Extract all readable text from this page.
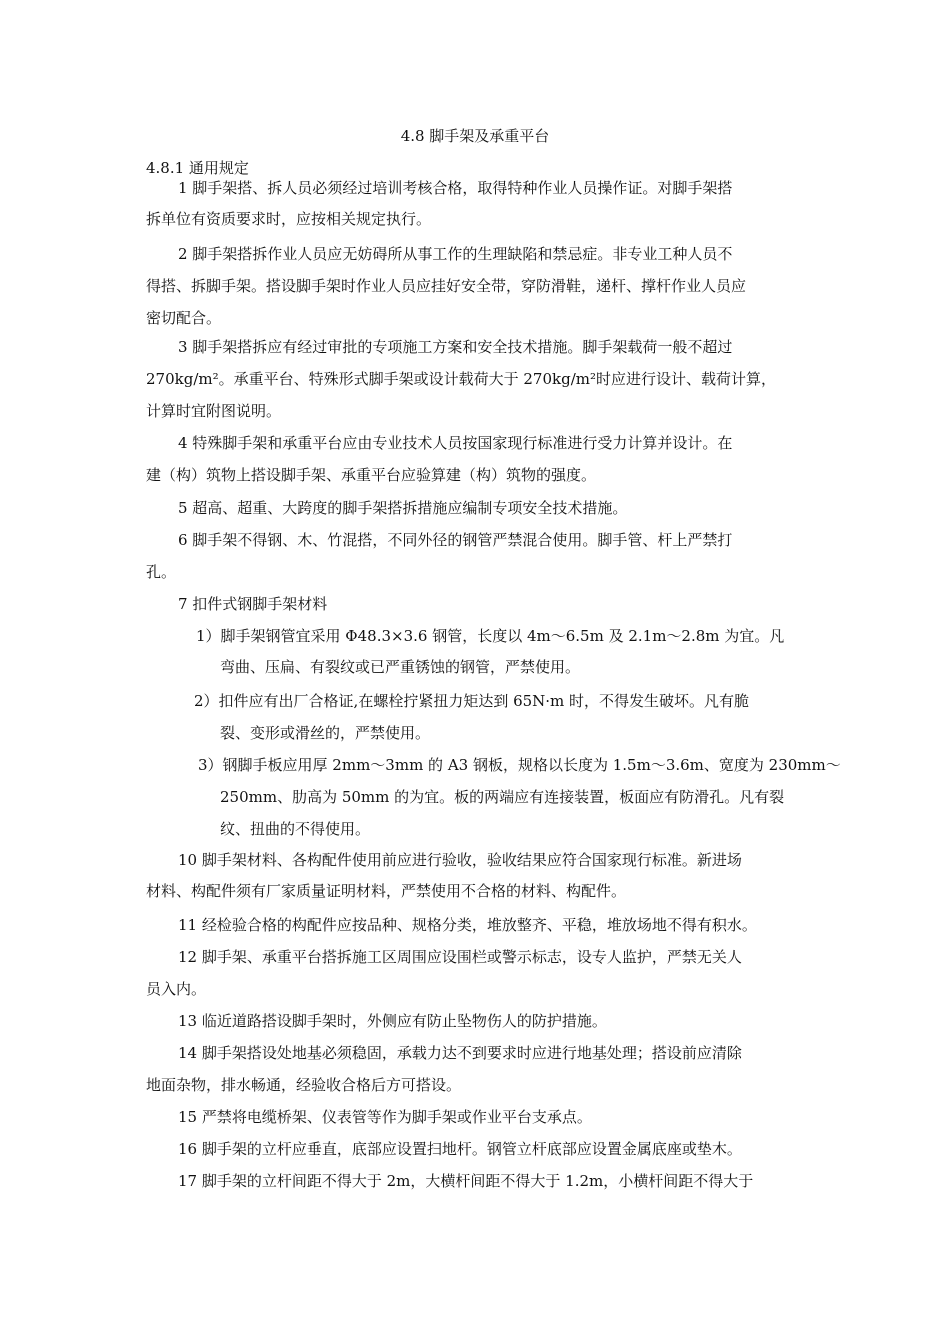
4.8 脚手架及承重平台
4.8.1 通用规定
1 脚手架搭、拆人员必须经过培训考核合格，取得特种作业人员操作证。对脚手架搭
拆单位有资质要求时，应按相关规定执行。
2 脚手架搭拆作业人员应无妨碍所从事工作的生理缺陷和禁忌症。非专业工种人员不
得搭、拆脚手架。搭设脚手架时作业人员应挂好安全带，穿防滑鞋，递杆、撑杆作业人员应
密切配合。
3 脚手架搭拆应有经过审批的专项施工方案和安全技术措施。脚手架载荷一般不超过
270kg/m²。承重平台、特殊形式脚手架或设计载荷大于 270kg/m²时应进行设计、载荷计算，
计算时宜附图说明。
4 特殊脚手架和承重平台应由专业技术人员按国家现行标准进行受力计算并设计。在
建（构）筑物上搭设脚手架、承重平台应验算建（构）筑物的强度。
5 超高、超重、大跨度的脚手架搭拆措施应编制专项安全技术措施。
6 脚手架不得钢、木、竹混搭，不同外径的钢管严禁混合使用。脚手管、杆上严禁打
孔。
7 扣件式钢脚手架材料
1）脚手架钢管宜采用 Φ48.3×3.6 钢管，长度以 4m～6.5m 及 2.1m～2.8m 为宜。凡
弯曲、压扁、有裂纹或已严重锈蚀的钢管，严禁使用。
2）扣件应有出厂合格证,在螺栓拧紧扭力矩达到 65N·m 时，不得发生破坏。凡有脆
裂、变形或滑丝的，严禁使用。
3）钢脚手板应用厚 2mm～3mm 的 A3 钢板，规格以长度为 1.5m～3.6m、宽度为 230mm～
250mm、肋高为 50mm 的为宜。板的两端应有连接装置，板面应有防滑孔。凡有裂
纹、扭曲的不得使用。
10 脚手架材料、各构配件使用前应进行验收，验收结果应符合国家现行标准。新进场
材料、构配件须有厂家质量证明材料，严禁使用不合格的材料、构配件。
11 经检验合格的构配件应按品种、规格分类，堆放整齐、平稳，堆放场地不得有积水。
12 脚手架、承重平台搭拆施工区周围应设围栏或警示标志，设专人监护，严禁无关人
员入内。
13 临近道路搭设脚手架时，外侧应有防止坠物伤人的防护措施。
14 脚手架搭设处地基必须稳固，承载力达不到要求时应进行地基处理；搭设前应清除
地面杂物，排水畅通，经验收合格后方可搭设。
15 严禁将电缆桥架、仪表管等作为脚手架或作业平台支承点。
16 脚手架的立杆应垂直，底部应设置扫地杆。钢管立杆底部应设置金属底座或垫木。
17 脚手架的立杆间距不得大于 2m，大横杆间距不得大于 1.2m，小横杆间距不得大于
